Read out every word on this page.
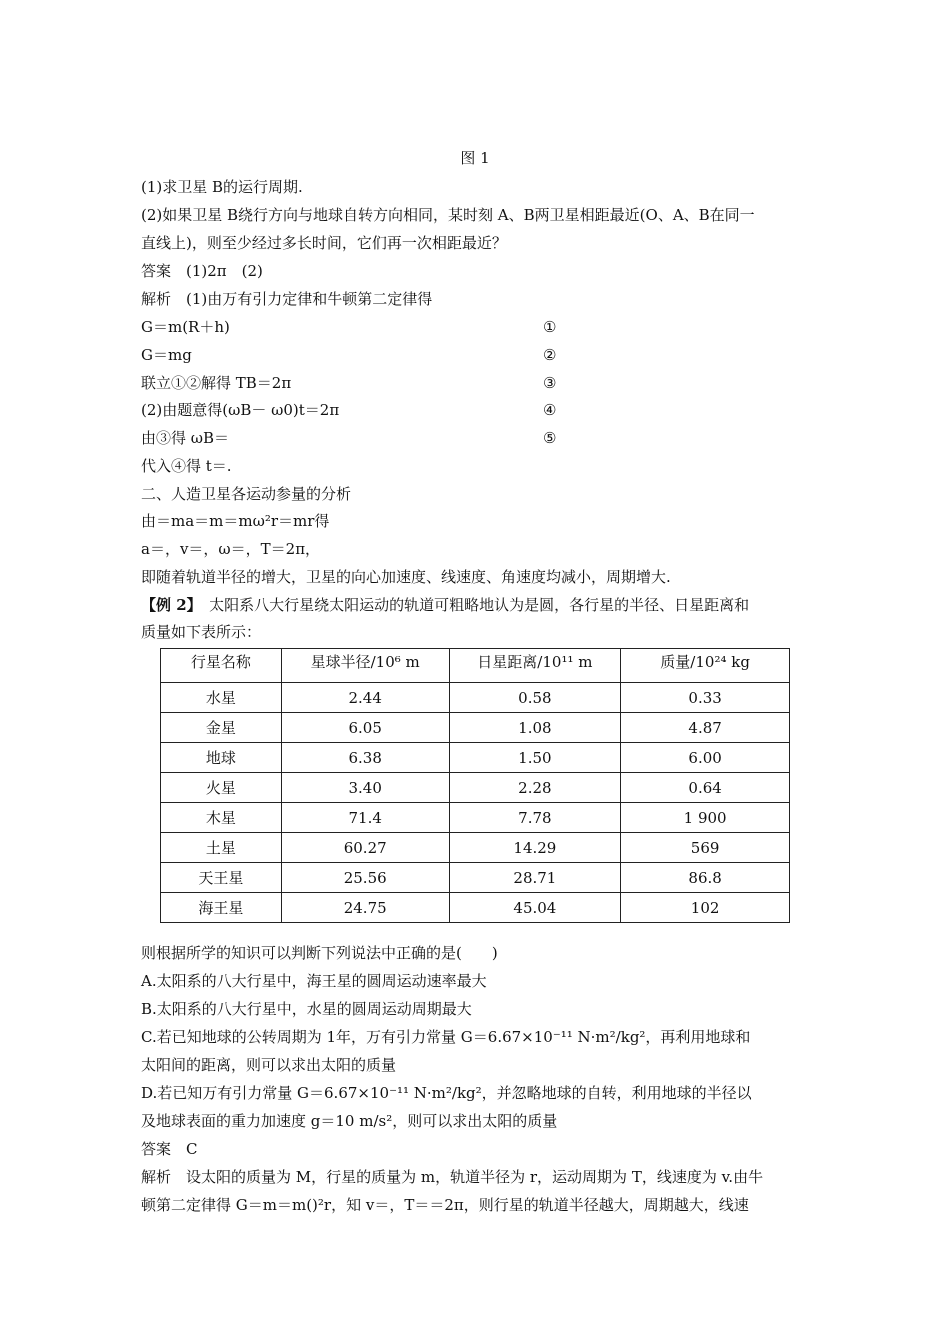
图 1
(1)求卫星 B的运行周期.
(2)如果卫星 B绕行方向与地球自转方向相同，某时刻 A、B两卫星相距最近(O、A、B在同一
直线上)，则至少经过多长时间，它们再一次相距最近？
答案　(1)2π　(2)
解析　(1)由万有引力定律和牛顿第二定律得
G＝m(R＋h)	①
G＝mg	②
联立①②解得 TB＝2π	③
(2)由题意得(ωB－ ω0)t＝2π	④
由③得 ωB＝	⑤
代入④得 t＝.
二、人造卫星各运动参量的分析
由＝ma＝m＝mω²r＝mr得
a＝，v＝，ω＝，T＝2π，
即随着轨道半径的增大，卫星的向心加速度、线速度、角速度均减小，周期增大.
【例 2】　太阳系八大行星绕太阳运动的轨道可粗略地认为是圆，各行星的半径、日星距离和
质量如下表所示：
行星名称	星球半径/10⁶ m	日星距离/10¹¹ m	质量/10²⁴ kg
水星	2.44	0.58	0.33
金星	6.05	1.08	4.87
地球	6.38	1.50	6.00
火星	3.40	2.28	0.64
木星	71.4	7.78	1 900
土星	60.27	14.29	569
天王星	25.56	28.71	86.8
海王星	24.75	45.04	102
则根据所学的知识可以判断下列说法中正确的是(　　)
A.太阳系的八大行星中，海王星的圆周运动速率最大
B.太阳系的八大行星中，水星的圆周运动周期最大
C.若已知地球的公转周期为 1年，万有引力常量 G＝6.67×10⁻¹¹ N·m²/kg²，再利用地球和
太阳间的距离，则可以求出太阳的质量
D.若已知万有引力常量 G＝6.67×10⁻¹¹ N·m²/kg²，并忽略地球的自转，利用地球的半径以
及地球表面的重力加速度 g＝10 m/s²，则可以求出太阳的质量
答案　C
解析　设太阳的质量为 M，行星的质量为 m，轨道半径为 r，运动周期为 T，线速度为 v.由牛
顿第二定律得 G＝m＝m()²r，知 v＝，T＝＝2π，则行星的轨道半径越大，周期越大，线速
